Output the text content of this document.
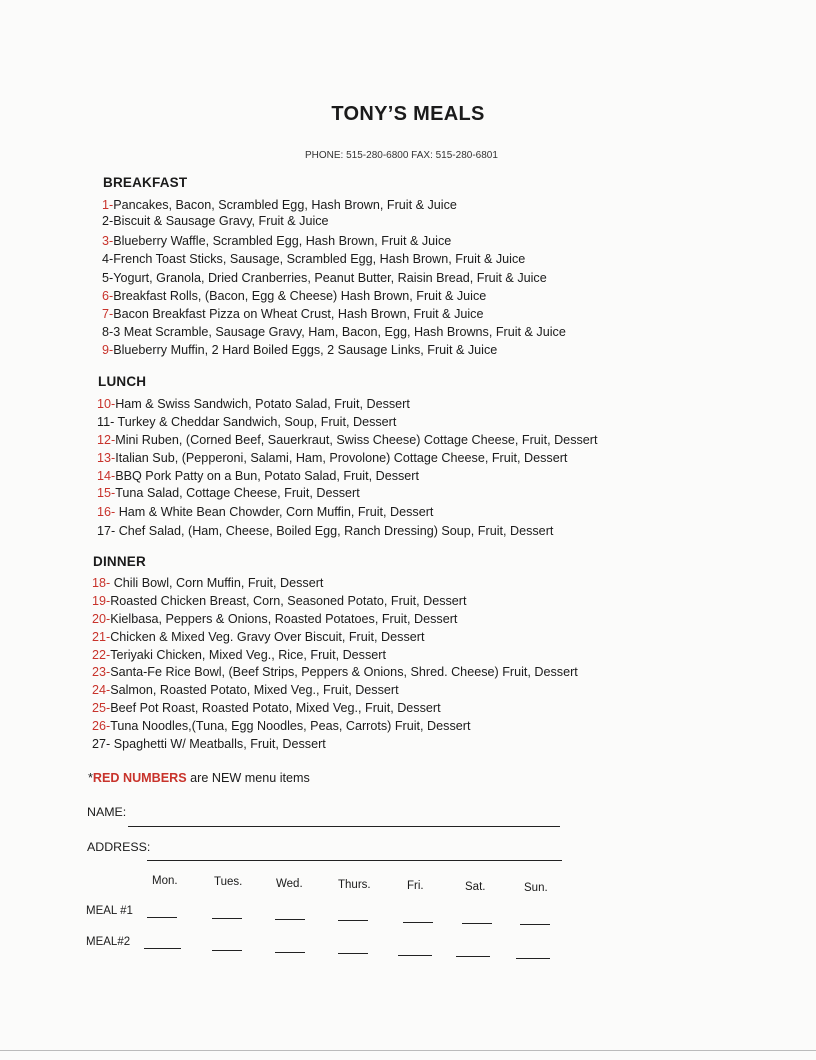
TONY’S MEALS
PHONE: 515-280-6800 FAX: 515-280-6801
BREAKFAST
1-Pancakes, Bacon, Scrambled Egg, Hash Brown, Fruit & Juice
2-Biscuit & Sausage Gravy, Fruit & Juice
3-Blueberry Waffle, Scrambled Egg, Hash Brown, Fruit & Juice
4-French Toast Sticks, Sausage, Scrambled Egg, Hash Brown, Fruit & Juice
5-Yogurt, Granola, Dried Cranberries, Peanut Butter, Raisin Bread, Fruit & Juice
6-Breakfast Rolls, (Bacon, Egg & Cheese) Hash Brown, Fruit & Juice
7-Bacon Breakfast Pizza on Wheat Crust, Hash Brown, Fruit & Juice
8-3 Meat Scramble, Sausage Gravy, Ham, Bacon, Egg, Hash Browns, Fruit & Juice
9-Blueberry Muffin, 2 Hard Boiled Eggs, 2 Sausage Links, Fruit & Juice
LUNCH
10-Ham & Swiss Sandwich, Potato Salad, Fruit, Dessert
11- Turkey & Cheddar Sandwich, Soup, Fruit, Dessert
12-Mini Ruben, (Corned Beef, Sauerkraut, Swiss Cheese) Cottage Cheese, Fruit, Dessert
13-Italian Sub, (Pepperoni, Salami, Ham, Provolone) Cottage Cheese, Fruit, Dessert
14-BBQ Pork Patty on a Bun, Potato Salad, Fruit, Dessert
15-Tuna Salad, Cottage Cheese, Fruit, Dessert
16- Ham & White Bean Chowder, Corn Muffin, Fruit, Dessert
17- Chef Salad, (Ham, Cheese, Boiled Egg, Ranch Dressing) Soup, Fruit, Dessert
DINNER
18- Chili Bowl, Corn Muffin, Fruit, Dessert
19-Roasted Chicken Breast, Corn, Seasoned Potato, Fruit, Dessert
20-Kielbasa, Peppers & Onions, Roasted Potatoes, Fruit, Dessert
21-Chicken & Mixed Veg. Gravy Over Biscuit, Fruit, Dessert
22-Teriyaki Chicken, Mixed Veg., Rice, Fruit, Dessert
23-Santa-Fe Rice Bowl, (Beef Strips, Peppers & Onions, Shred. Cheese) Fruit, Dessert
24-Salmon, Roasted Potato, Mixed Veg., Fruit, Dessert
25-Beef Pot Roast, Roasted Potato, Mixed Veg., Fruit, Dessert
26-Tuna Noodles,(Tuna, Egg Noodles, Peas, Carrots) Fruit, Dessert
27- Spaghetti W/ Meatballs, Fruit, Dessert
*RED NUMBERS are NEW menu items
NAME:
ADDRESS:
Mon.	Tues.	Wed.	Thurs.	Fri.	Sat.	Sun.
MEAL #1
MEAL#2
